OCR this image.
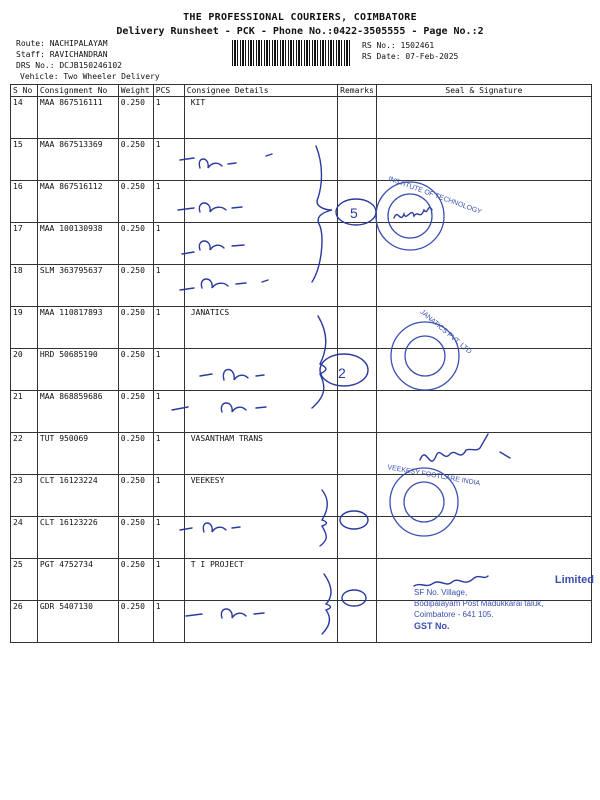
THE PROFESSIONAL COURIERS, COIMBATORE
Delivery Runsheet - PCK - Phone No.:0422-3505555 - Page No.:2
Route: NACHIPALAYAM
Staff: RAVICHANDRAN
DRS No.: DCJB150246102
Vehicle: Two Wheeler Delivery
RS No.: 1502461
RS Date: 07-Feb-2025
S No	Consignment No	Weight	PCS	Consignee Details	Remarks	Seal & Signature
14	MAA 867516111	0.250	1	KIT		
15	MAA 867513369	0.250	1			
16	MAA 867516112	0.250	1			
17	MAA 100130938	0.250	1			
18	SLM 363795637	0.250	1			
19	MAA 110817893	0.250	1	JANATICS		
20	HRD 50685190	0.250	1			
21	MAA 868859686	0.250	1			
22	TUT 950069	0.250	1	VASANTHAM TRANS		
23	CLT 16123224	0.250	1	VEEKESY		
24	CLT 16123226	0.250	1			
25	PGT 4752734	0.250	1	T I PROJECT		
26	GDR 5407130	0.250	1			
5
2
INSTITUTE OF TECHNOLOGY
JANATICS PVT. LTD
VEEKESY FOOTCARE INDIA
Limited
SF No. Village,
Bodipalayam Post Madukkarai taluk,
Coimbatore - 641 105.
GST No.
